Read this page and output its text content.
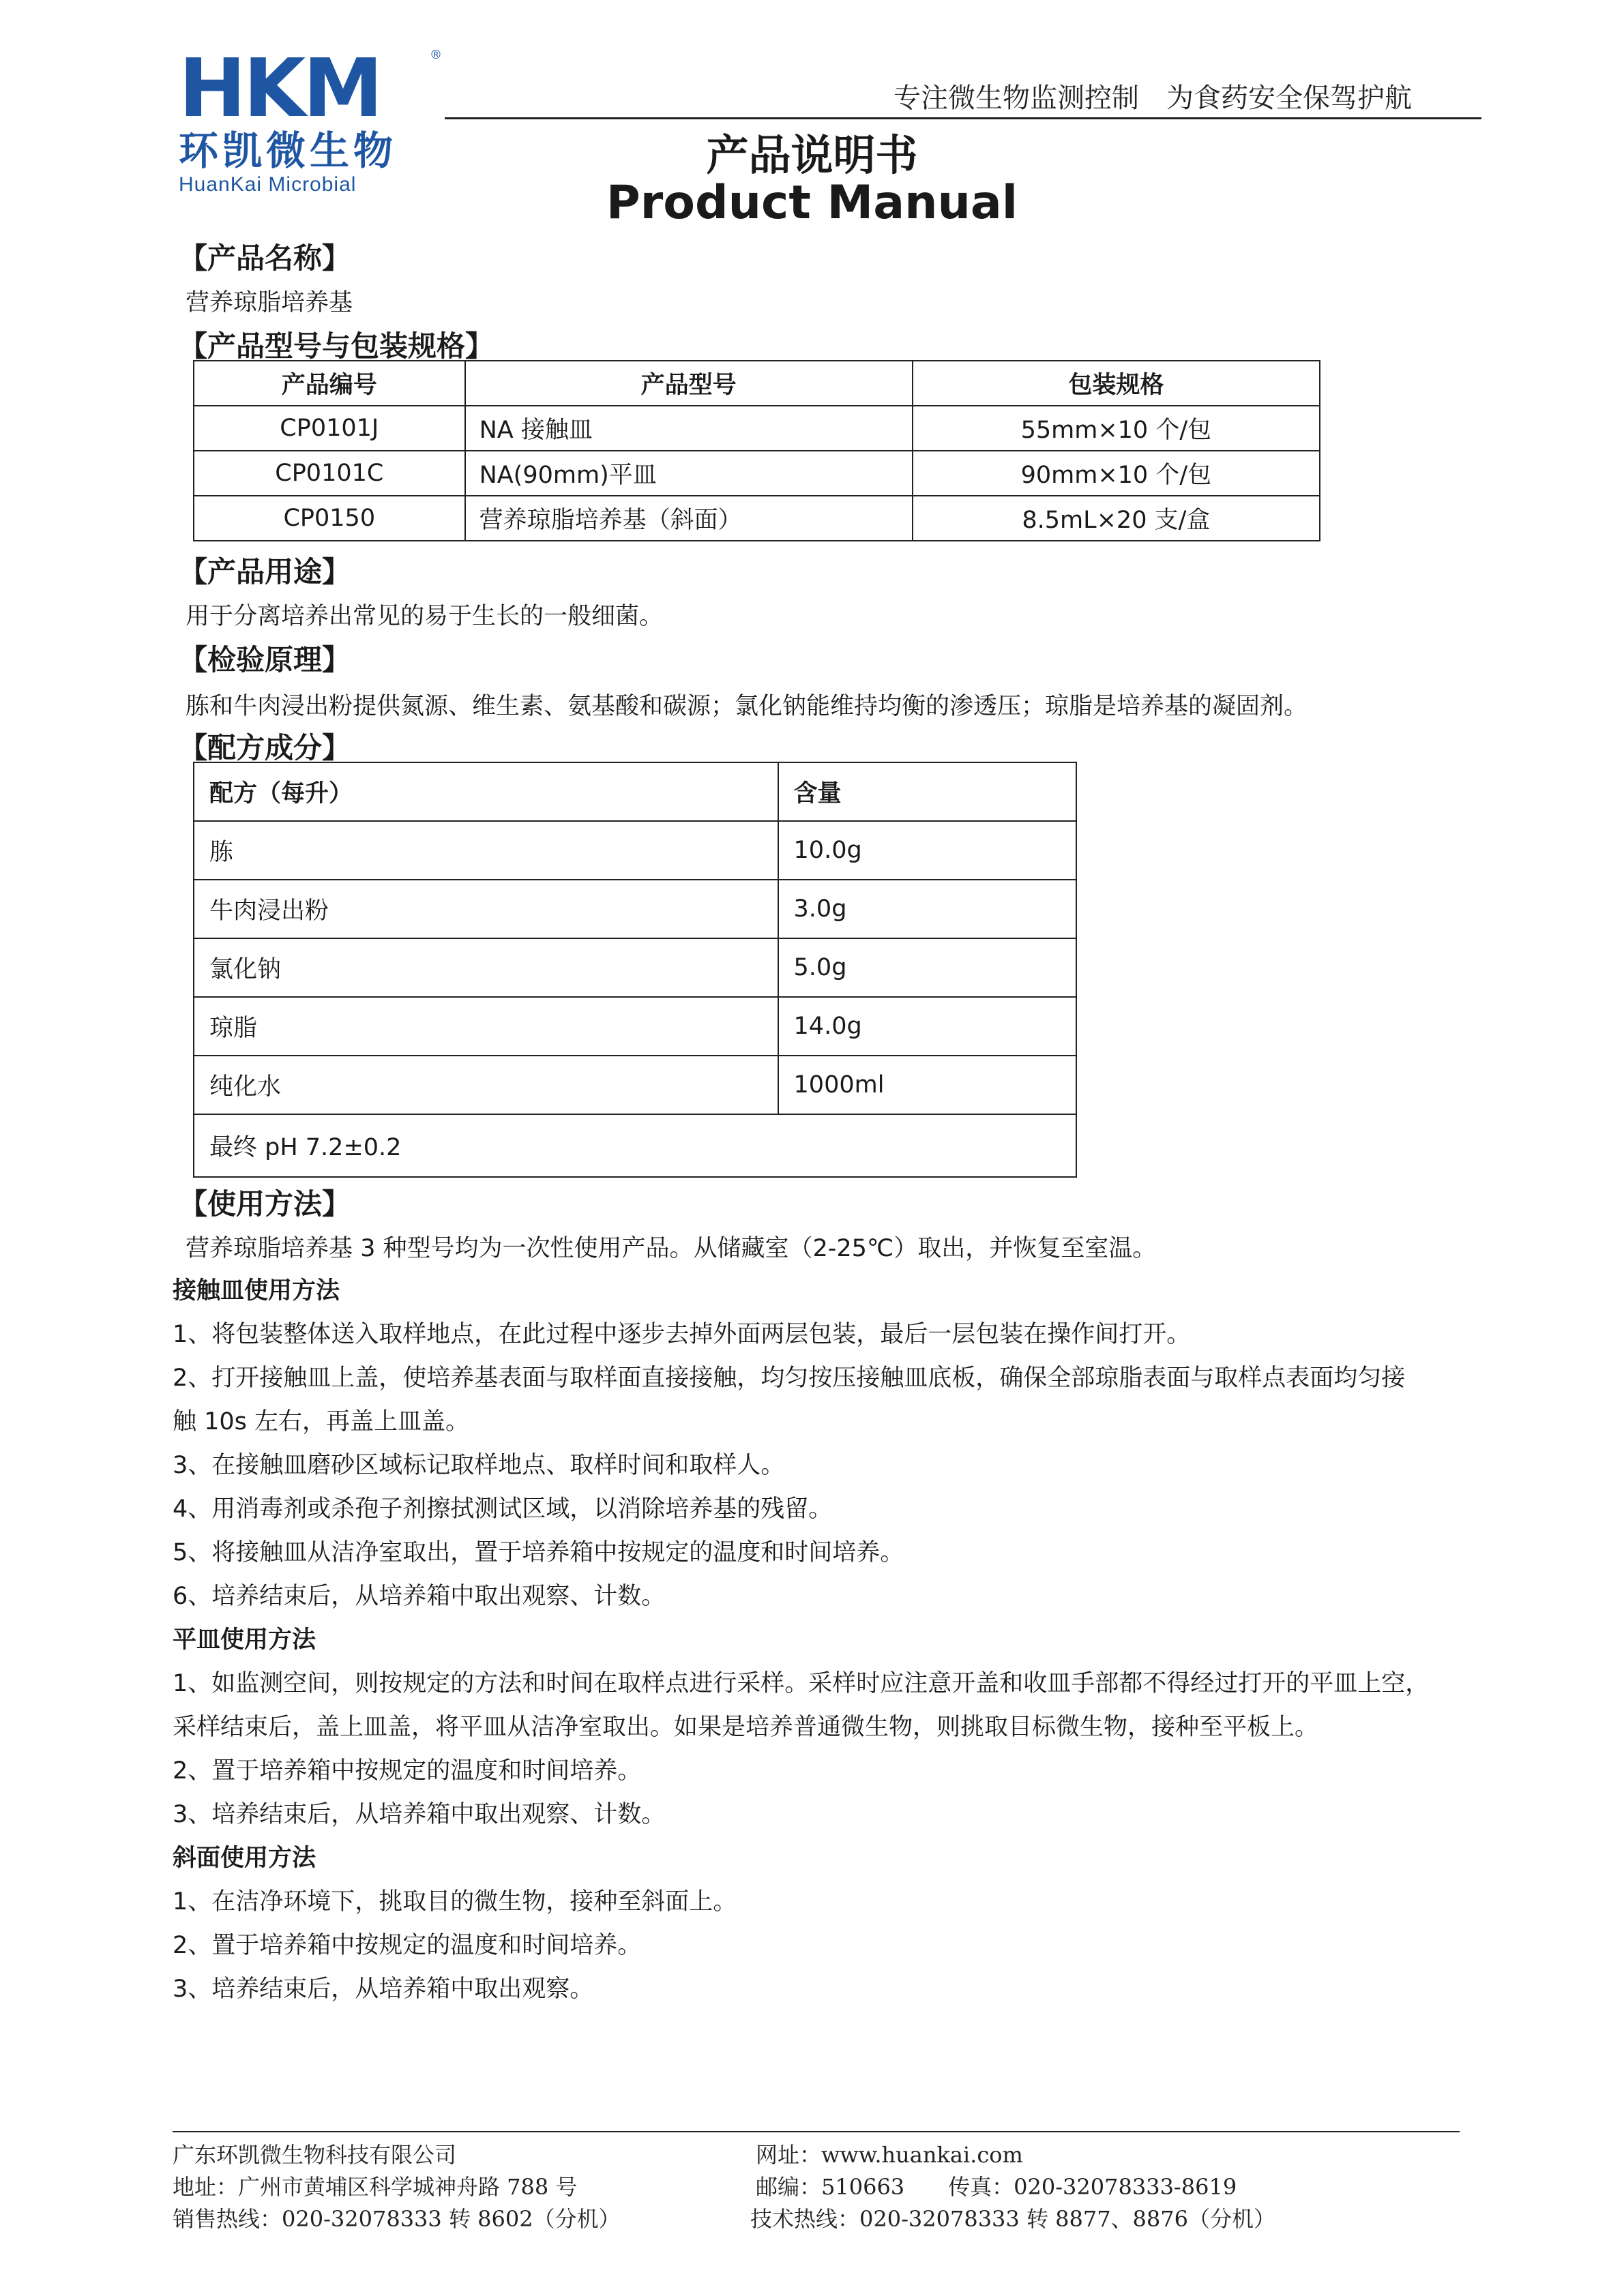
HKM	®
环凯微生物
HuanKai Microbial
专注微生物监测控制　为食药安全保驾护航
产品说明书
Product Manual
【产品名称】
营养琼脂培养基
【产品型号与包装规格】
产品编号	产品型号	包装规格
CP0101J	NA 接触皿	55mm×10 个/包
CP0101C	NA(90mm)平皿	90mm×10 个/包
CP0150	营养琼脂培养基（斜面）	8.5mL×20 支/盒
【产品用途】
用于分离培养出常见的易于生长的一般细菌。
【检验原理】
胨和牛肉浸出粉提供氮源、维生素、氨基酸和碳源；氯化钠能维持均衡的渗透压；琼脂是培养基的凝固剂。
【配方成分】
配方（每升）	含量
胨	10.0g
牛肉浸出粉	3.0g
氯化钠	5.0g
琼脂	14.0g
纯化水	1000ml
最终 pH 7.2±0.2	
【使用方法】
营养琼脂培养基 3 种型号均为一次性使用产品。从储藏室（2-25℃）取出，并恢复至室温。
接触皿使用方法
1、将包装整体送入取样地点，在此过程中逐步去掉外面两层包装，最后一层包装在操作间打开。
2、打开接触皿上盖，使培养基表面与取样面直接接触，均匀按压接触皿底板，确保全部琼脂表面与取样点表面均匀接
触 10s 左右，再盖上皿盖。
3、在接触皿磨砂区域标记取样地点、取样时间和取样人。
4、用消毒剂或杀孢子剂擦拭测试区域，以消除培养基的残留。
5、将接触皿从洁净室取出，置于培养箱中按规定的温度和时间培养。
6、培养结束后，从培养箱中取出观察、计数。
平皿使用方法
1、如监测空间，则按规定的方法和时间在取样点进行采样。采样时应注意开盖和收皿手部都不得经过打开的平皿上空，
采样结束后，盖上皿盖，将平皿从洁净室取出。如果是培养普通微生物，则挑取目标微生物，接种至平板上。
2、置于培养箱中按规定的温度和时间培养。
3、培养结束后，从培养箱中取出观察、计数。
斜面使用方法
1、在洁净环境下，挑取目的微生物，接种至斜面上。
2、置于培养箱中按规定的温度和时间培养。
3、培养结束后，从培养箱中取出观察。
广东环凯微生物科技有限公司	网址：www.huankai.com
地址：广州市黄埔区科学城神舟路 788 号	邮编：510663　　传真：020-32078333-8619
销售热线：020-32078333 转 8602（分机）	技术热线：020-32078333 转 8877、8876（分机）
